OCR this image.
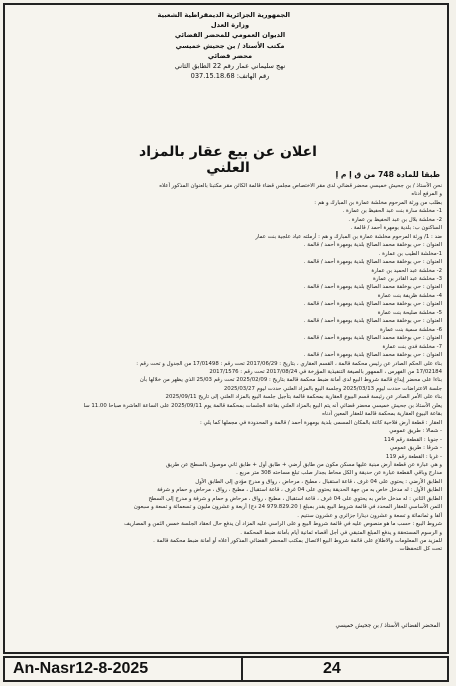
الجمهورية الجزائرية الديمقراطية الشعبية
وزارة العدل
الديوان العمومي للمحضر القضائي
مكتب الأستاذ / بن جحيش خميسي
محضر قضائي
نهج سليماني عمار رقم 22 الطابق الثاني
رقم الهاتف: 037.15.18.68
اعلان عن بيع عقار بالمزاد العلني	طبقا للمادة 748 من ق إ م إ

نحن الأستاذ / بن جحيش خميسي محضر قضائي لدى مقر الاختصاص مجلس قضاء قالمة الكائن مقر مكتبنا بالعنوان المذكور أعلاه

و المرفع أدناه

بطلب من ورثة المرحوم مخلشة عمارة بن المبارك و هم :

1- مخلشة سارة بنت عبد الحفيظ بن عمارة .

2- مخلشة بلال بن عبد الحفيظ بن عمارة .

الساكنون ب: بلدية بومهرة أحمد / قالمة .

ضد : 1/ ورثة المرحوم مخلشة عمارة بن المبارك و هم : أرملته عياد علجية بنت عمار

العنوان : حي بوخلفة محمد الصالح بلدية بومهرة أحمد / قالمة .

1-مخلشة الطيب بن عمارة .

العنوان : حي بوخلفة محمد الصالح بلدية بومهرة أحمد / قالمة .

2- مخلشة عبد الحميد بن عمارة

3- مخلشة عبد القادر بن عمارة

العنوان : حي بوخلفة محمد الصالح بلدية بومهرة أحمد / قالمة .

4- مخلشة ظريفة بنت عمارة

العنوان : حي بوخلفة محمد الصالح بلدية بومهرة أحمد / قالمة .

5- مخلشة صليحة بنت عمارة

العنوان : حي بوخلفة محمد الصالح بلدية بومهرة أحمد / قالمة .

6- مخلشة سمية بنت عمارة

العنوان : حي بوخلفة محمد الصالح بلدية بومهرة أحمد / قالمة .

7- مخلشة فدي بنت عمارة

العنوان : حي بوخلفة محمد الصالح بلدية بومهرة أحمد / قالمة .

بناء على الحكم الصادر عن رئيس محكمة قالمة ، القسم العقاري ، بتاريخ : 2017/06/29 تحت رقم : 17/01498 من الجدول و تحت رقم :

17/02184 من الفهرس ، الممهور بالصيغة التنفيذية المؤرخة في 2017/08/24 تحت رقم : 2017/1576

بناءا على محضر إيداع قائمة شروط البيع لدى أمانة ضبط محكمة قالمة بتاريخ : 2025/02/09 تحت رقم 25/03 الذي يظهر من خلالها بأن

جلسة الاعتراضات حددت ليوم 2025/03/13 وجلسة البيع بالمزاد العلني حددت ليوم 2025/03/27

بناء على الأمر الصادر عن رئيسة قسم البيوع العقارية بمحكمة قالمة بتأجيل جلسة البيع بالمزاد العلني إلى تاريخ 2025/09/11

يعلن الأستاذ بن جحيش خميسي محضر قضائي أنه يتم البيع بالمزاد العلني بقاعة الجلسات بمحكمة قالمة يوم 2025/09/11 على الساعة العاشرة صباحا 11.00 سا

بقاعة البيوع العقارية بمحكمة قالمة للعقار المعين أدناه

العقار : قطعة أرض فلاحية كائنة بالمكان المسمى بلدية بومهرة أحمد / قالمة و المحدودة في مجملها كما يلي :

- شمالا : طريق عمومي

- جنوبا : القطعة رقم 114

- شرقا : طريق عمومي

- غربا : القطعة رقم 119

و هي عبارة عن قطعة أرض مبنية عليها مسكن مكون من طابق أرضي + طابق أول + طابق ثاني موصول بالسطح عن طريق

مدارج وباقي القطعة عبارة عن حديقة و الكل محاط بجدار صلب تبلغ مساحته 308 متر مربع .

الطابق الأرضي : يحتوي على 04 غرف ، قاعة استقبال ، مطبخ ، مرحاض ، رواق و مدرج مؤدي إلى الطابق الأول

الطابق الأول : له مدخل خاص به من جهة الحديقة يحتوي على 04 غرف ، قاعة استقبال ، مطبخ ، رواق ، مرحاض و حمام و شرفة

الطابق الثاني : له مدخل خاص به يحتوي على 04 غرف ، قاعة استقبال ، مطبخ ، رواق ، مرحاض و حمام و شرفة و مدرج إلى السطح

الثمن الأساسي للعقار المحدد في قائمة شروط البيع يقدر بمبلغ ( 979.829.20 24 دج) أربعة و عشرون مليون و تسعمائة و تسعة و سبعون

ألفا و ثمانمائة و تسعة و عشرون دينارا جزائري و عشرون سنتيم .

شروط البيع : حسب ما هو منصوص عليه في قائمة شروط البيع و على الراسي عليه المزاد أن يدفع حال انعقاد الجلسة خمس الثمن و المصاريف

و الرسوم المستحقة و يدفع المبلغ المتبقي في أجل أقصاه ثمانية أيام بأمانة ضبط المحكمة .

للمزيد من المعلومات والاطلاع على قائمة شروط البيع الاتصال بمكتب المحضر القضائي المذكور أعلاه أو أمانة ضبط محكمة قالمة .

تحت كل التحفظات

المحضر القضائي الأستاذ / بن جحيش خميسي
An-Nasr12-8-2025	24
